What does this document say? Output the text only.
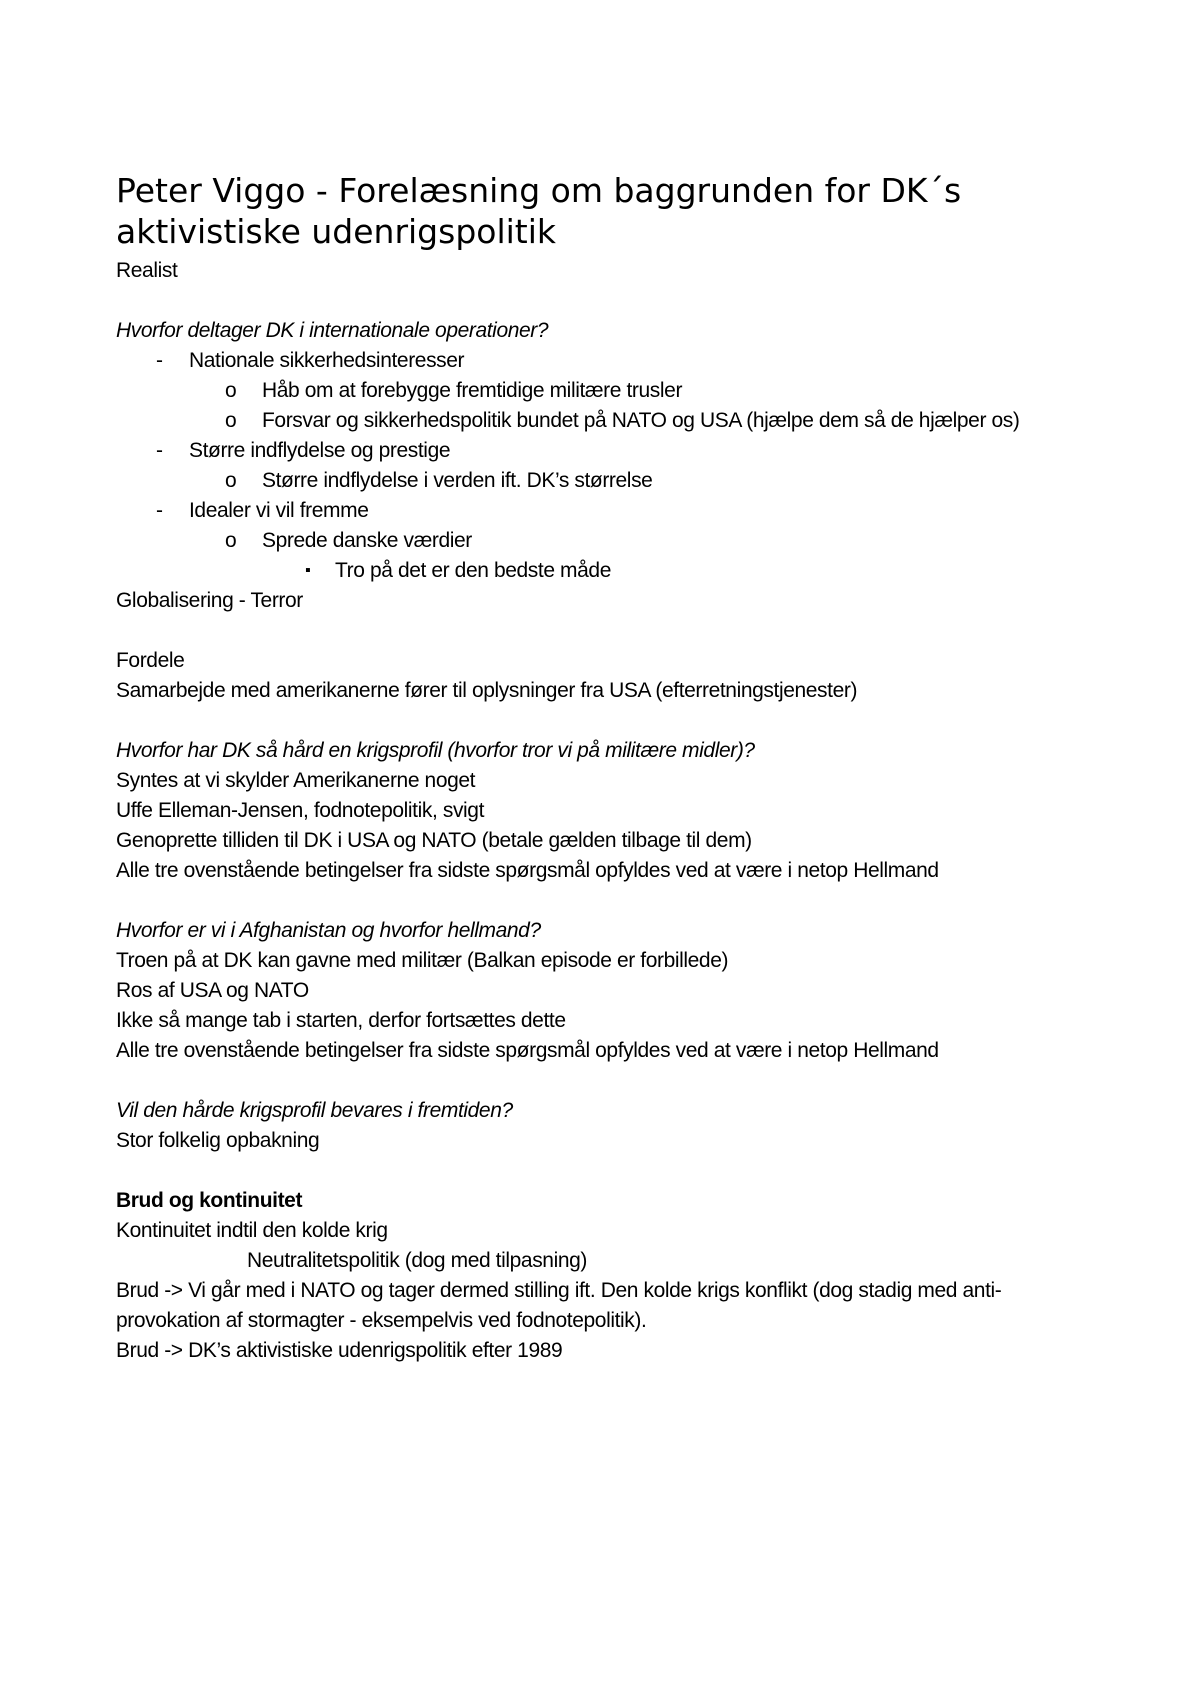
Peter Viggo - Forelæsning om baggrunden for DK´s
aktivistiske udenrigspolitik
Realist
Hvorfor deltager DK i internationale operationer?
- Nationale sikkerhedsinteresser
o Håb om at forebygge fremtidige militære trusler
o Forsvar og sikkerhedspolitik bundet på NATO og USA (hjælpe dem så de hjælper os)
- Større indflydelse og prestige
o Større indflydelse i verden ift. DK’s størrelse
- Idealer vi vil fremme
o Sprede danske værdier
▪ Tro på det er den bedste måde
Globalisering - Terror
Fordele
Samarbejde med amerikanerne fører til oplysninger fra USA (efterretningstjenester)
Hvorfor har DK så hård en krigsprofil (hvorfor tror vi på militære midler)?
Syntes at vi skylder Amerikanerne noget
Uffe Elleman-Jensen, fodnotepolitik, svigt
Genoprette tilliden til DK i USA og NATO (betale gælden tilbage til dem)
Alle tre ovenstående betingelser fra sidste spørgsmål opfyldes ved at være i netop Hellmand
Hvorfor er vi i Afghanistan og hvorfor hellmand?
Troen på at DK kan gavne med militær (Balkan episode er forbillede)
Ros af USA og NATO
Ikke så mange tab i starten, derfor fortsættes dette
Alle tre ovenstående betingelser fra sidste spørgsmål opfyldes ved at være i netop Hellmand
Vil den hårde krigsprofil bevares i fremtiden?
Stor folkelig opbakning
Brud og kontinuitet
Kontinuitet indtil den kolde krig
Neutralitetspolitik (dog med tilpasning)
Brud -> Vi går med i NATO og tager dermed stilling ift. Den kolde krigs konflikt (dog stadig med anti-provokation af stormagter - eksempelvis ved fodnotepolitik).
Brud -> DK’s aktivistiske udenrigspolitik efter 1989
